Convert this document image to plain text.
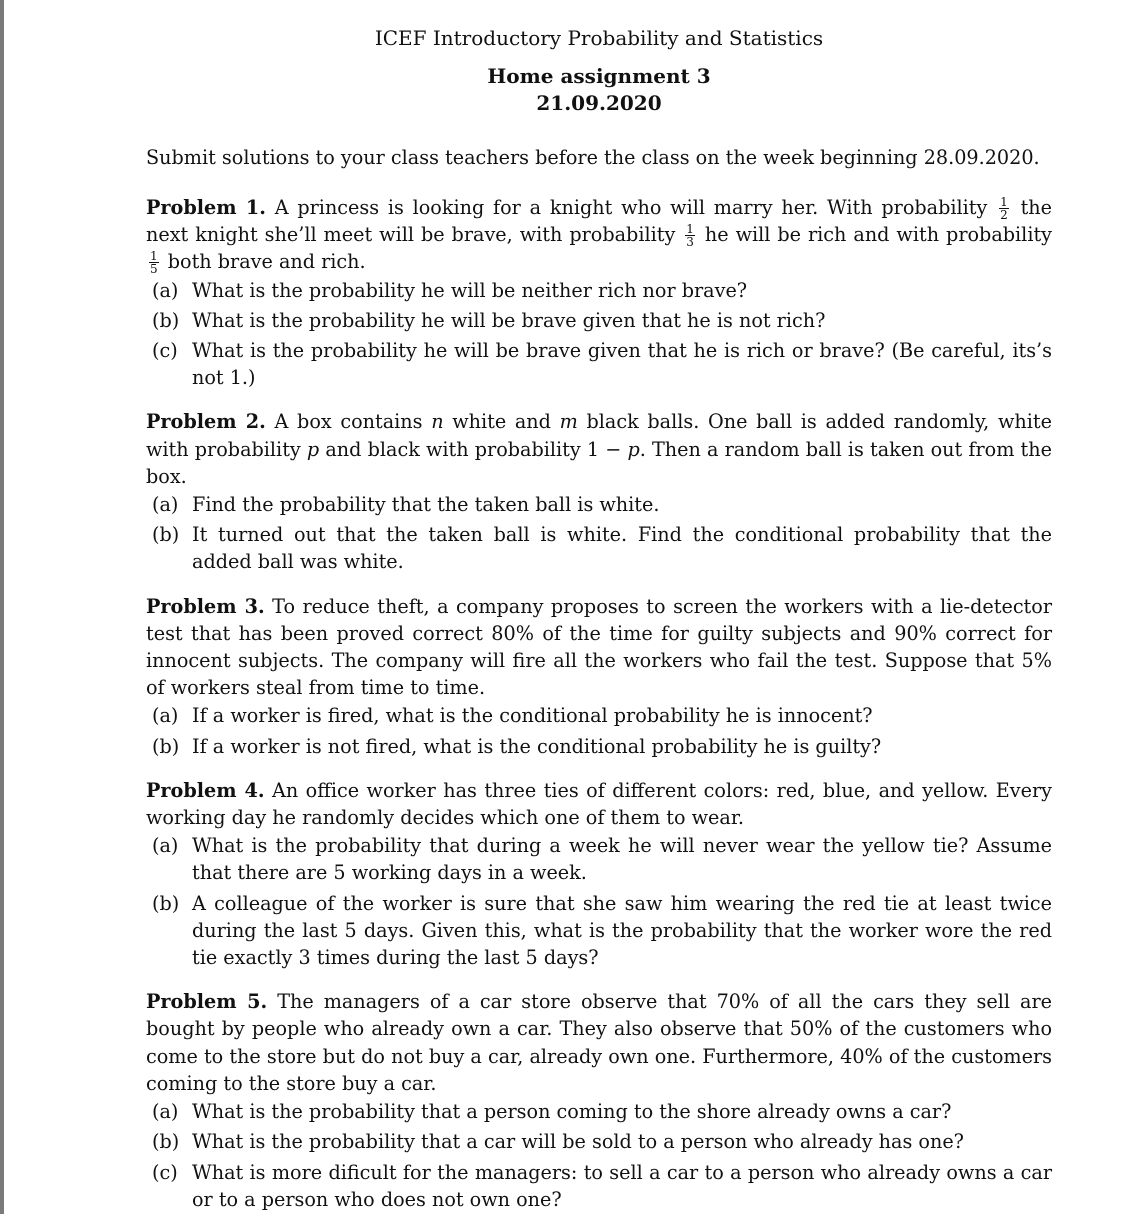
ICEF Introductory Probability and Statistics
Home assignment 3
21.09.2020
Submit solutions to your class teachers before the class on the week beginning 28.09.2020.
Problem 1. A princess is looking for a knight who will marry her. With probability $\frac{1}{2}$ the next knight she’ll meet will be brave, with probability $\frac{1}{3}$ he will be rich and with probability
$\frac{1}{5}$ both brave and rich.
(a) What is the probability he will be neither rich nor brave?
(b) What is the probability he will be brave given that he is not rich?
(c) What is the probability he will be brave given that he is rich or brave? (Be careful, its’s not 1.)
Problem 2. A box contains n white and m black balls. One ball is added randomly, white with probability p and black with probability 1 − p. Then a random ball is taken out from the box.
(a) Find the probability that the taken ball is white.
(b) It turned out that the taken ball is white. Find the conditional probability that the added ball was white.
Problem 3. To reduce theft, a company proposes to screen the workers with a lie-detector test that has been proved correct 80% of the time for guilty subjects and 90% correct for innocent subjects. The company will fire all the workers who fail the test. Suppose that 5% of workers steal from time to time.
(a) If a worker is fired, what is the conditional probability he is innocent?
(b) If a worker is not fired, what is the conditional probability he is guilty?
Problem 4. An office worker has three ties of different colors: red, blue, and yellow. Every working day he randomly decides which one of them to wear.
(a) What is the probability that during a week he will never wear the yellow tie? Assume that there are 5 working days in a week.
(b) A colleague of the worker is sure that she saw him wearing the red tie at least twice during the last 5 days. Given this, what is the probability that the worker wore the red tie exactly 3 times during the last 5 days?
Problem 5. The managers of a car store observe that 70% of all the cars they sell are bought by people who already own a car. They also observe that 50% of the customers who come to the store but do not buy a car, already own one. Furthermore, 40% of the customers coming to the store buy a car.
(a) What is the probability that a person coming to the shore already owns a car?
(b) What is the probability that a car will be sold to a person who already has one?
(c) What is more dificult for the managers: to sell a car to a person who already owns a car or to a person who does not own one?
